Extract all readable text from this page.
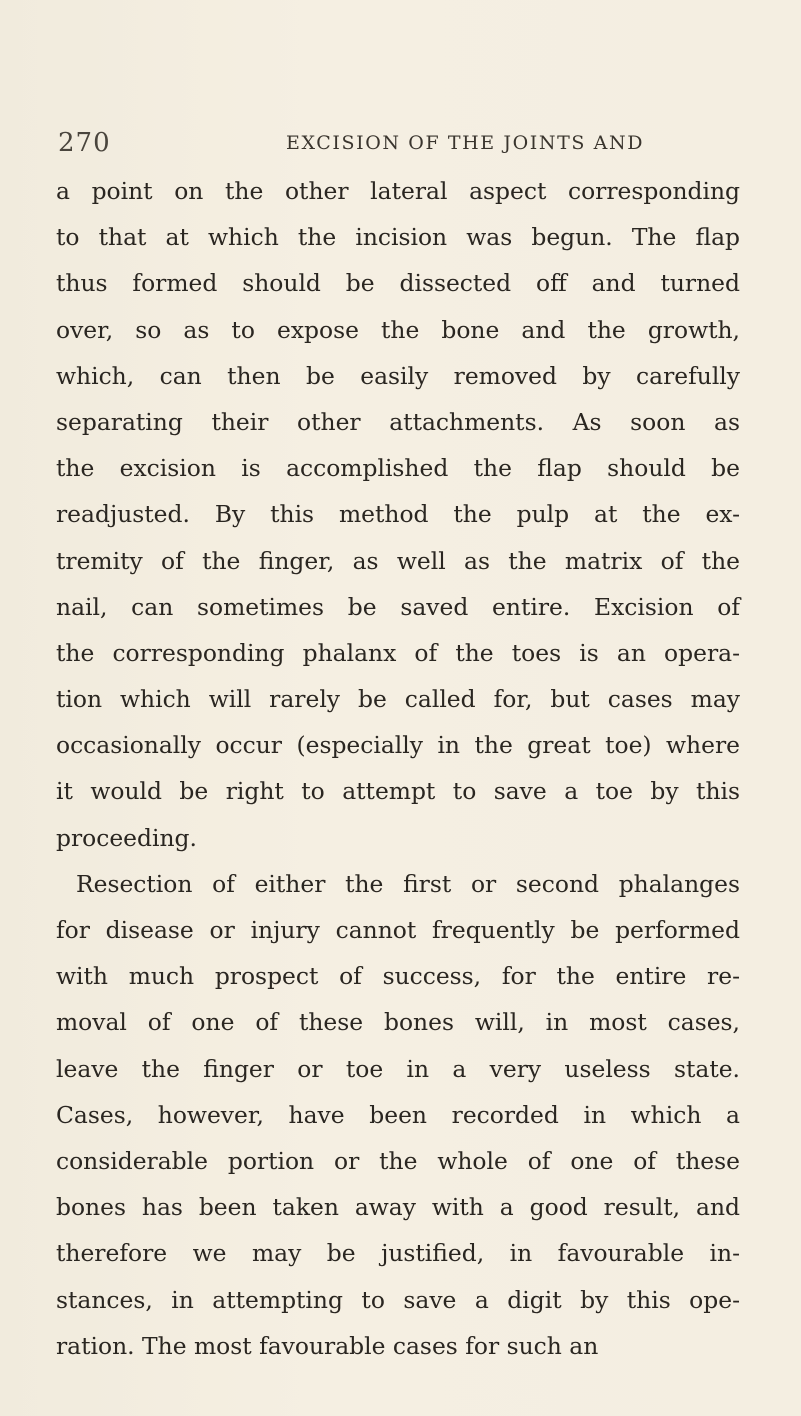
270	EXCISION OF THE JOINTS AND
a point on the other lateral aspect corresponding
to that at which the incision was begun. The flap
thus formed should be dissected off and turned
over, so as to expose the bone and the growth,
which, can then be easily removed by carefully
separating their other attachments. As soon as
the excision is accomplished the flap should be
readjusted. By this method the pulp at the ex-
tremity of the finger, as well as the matrix of the
nail, can sometimes be saved entire. Excision of
the corresponding phalanx of the toes is an opera-
tion which will rarely be called for, but cases may
occasionally occur (especially in the great toe) where
it would be right to attempt to save a toe by this
proceeding.
Resection of either the first or second phalanges
for disease or injury cannot frequently be performed
with much prospect of success, for the entire re-
moval of one of these bones will, in most cases,
leave the finger or toe in a very useless state.
Cases, however, have been recorded in which a
considerable portion or the whole of one of these
bones has been taken away with a good result, and
therefore we may be justified, in favourable in-
stances, in attempting to save a digit by this ope-
ration. The most favourable cases for such an
